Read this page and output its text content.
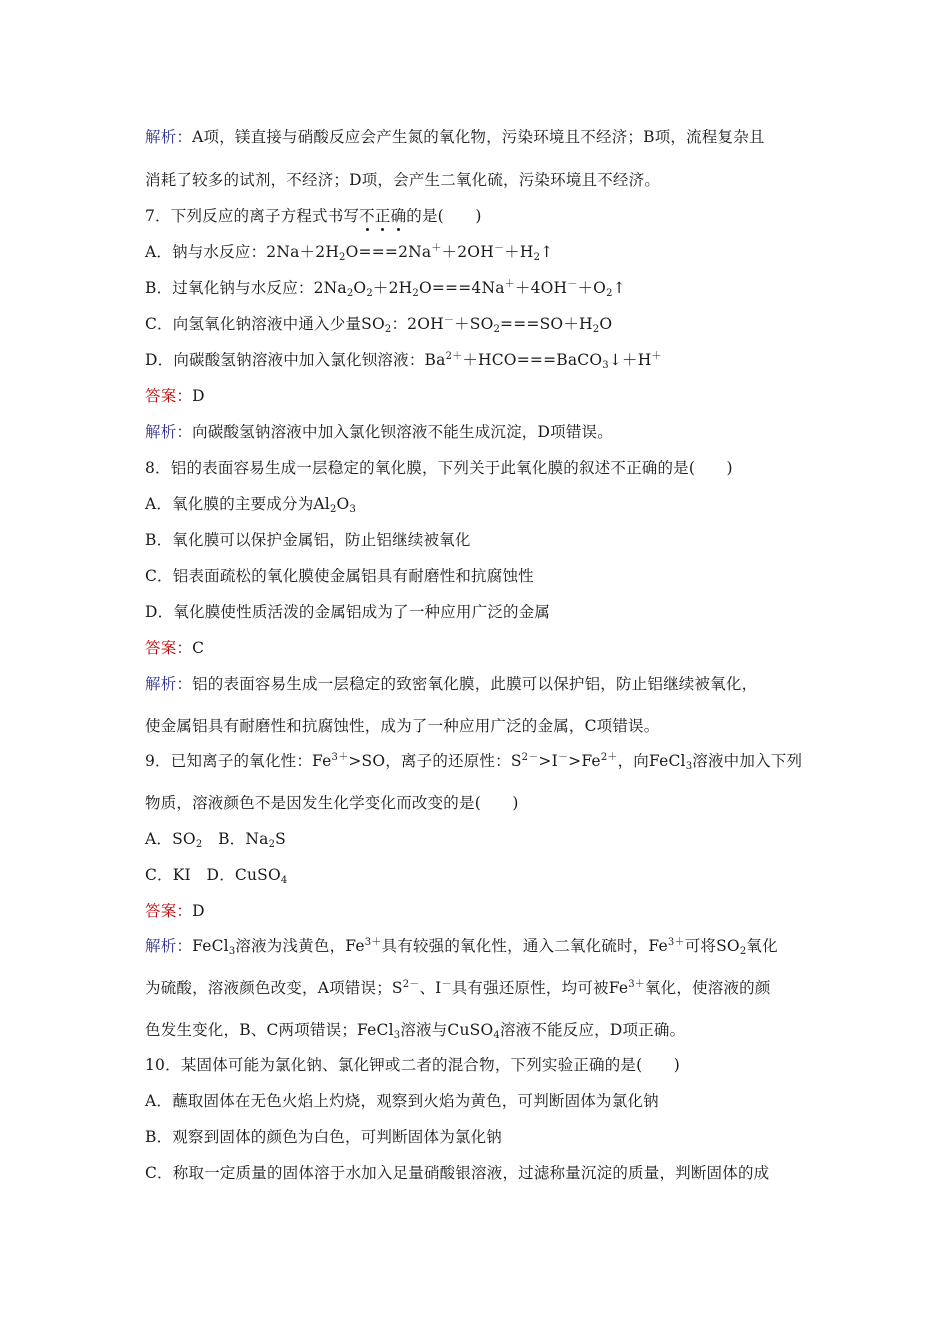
解析：A项，镁直接与硝酸反应会产生氮的氧化物，污染环境且不经济；B项，流程复杂且
消耗了较多的试剂，不经济；D项，会产生二氧化硫，污染环境且不经济。
7．下列反应的离子方程式书写不正确的是(　　)
A．钠与水反应：$2Na+2H_2O===2Na^++2OH^-+H_2↑$
B．过氧化钠与水反应：$2Na_2O_2+2H_2O===4Na^++4OH^-+O_2↑$
C．向氢氧化钠溶液中通入少量$SO_2$：$2OH^-+SO_2===SO+H_2O$
D．向碳酸氢钠溶液中加入氯化钡溶液：$Ba^{2+}+HCO===BaCO_3↓+H^+$
答案：D
解析：向碳酸氢钠溶液中加入氯化钡溶液不能生成沉淀，D项错误。
8．铝的表面容易生成一层稳定的氧化膜，下列关于此氧化膜的叙述不正确的是(　　)
A．氧化膜的主要成分为$Al_2O_3$
B．氧化膜可以保护金属铝，防止铝继续被氧化
C．铝表面疏松的氧化膜使金属铝具有耐磨性和抗腐蚀性
D．氧化膜使性质活泼的金属铝成为了一种应用广泛的金属
答案：C
解析：铝的表面容易生成一层稳定的致密氧化膜，此膜可以保护铝，防止铝继续被氧化，
使金属铝具有耐磨性和抗腐蚀性，成为了一种应用广泛的金属，C项错误。
9．已知离子的氧化性：$Fe^{3+}>SO$，离子的还原性：$S^{2-}>I^->Fe^{2+}$，向FeCl$_3$溶液中加入下列
物质，溶液颜色不是因发生化学变化而改变的是(　　)
A．$SO_2$　B．$Na_2S$
C．KI　D．CuSO$_4$
答案：D
解析：FeCl$_3$溶液为浅黄色，$Fe^{3+}$具有较强的氧化性，通入二氧化硫时，$Fe^{3+}$可将$SO_2$氧化
为硫酸，溶液颜色改变，A项错误；$S^{2-}$、I－具有强还原性，均可被$Fe^{3+}$氧化，使溶液的颜
色发生变化，B、C两项错误；FeCl$_3$溶液与CuSO$_4$溶液不能反应，D项正确。
10．某固体可能为氯化钠、氯化钾或二者的混合物，下列实验正确的是(　　)
A．蘸取固体在无色火焰上灼烧，观察到火焰为黄色，可判断固体为氯化钠
B．观察到固体的颜色为白色，可判断固体为氯化钠
C．称取一定质量的固体溶于水加入足量硝酸银溶液，过滤称量沉淀的质量，判断固体的成
